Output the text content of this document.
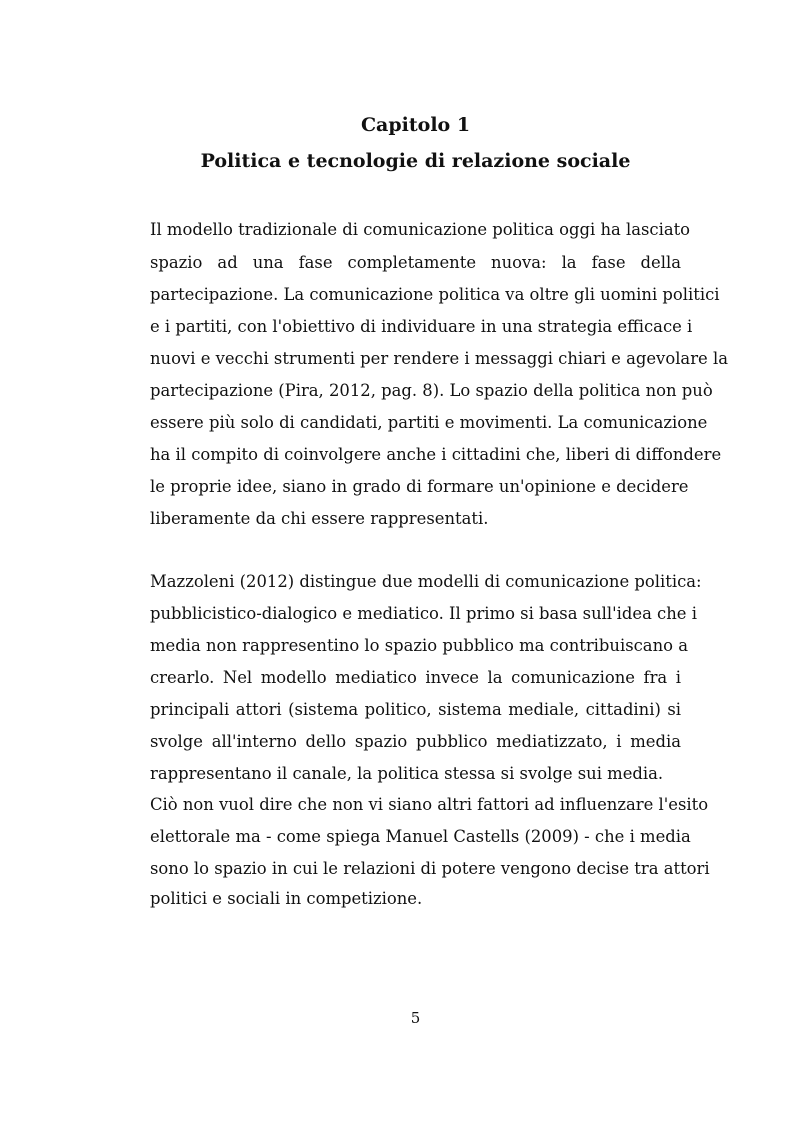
Capitolo 1
Politica e tecnologie di relazione sociale
Il modello tradizionale di comunicazione politica oggi ha lasciato
spazio ad una fase completamente nuova: la fase della
partecipazione. La comunicazione politica va oltre gli uomini politici
e i partiti, con l'obiettivo di individuare in una strategia efficace i
nuovi e vecchi strumenti per rendere i messaggi chiari e agevolare la
partecipazione (Pira, 2012, pag. 8). Lo spazio della politica non può
essere più solo di candidati, partiti e movimenti. La comunicazione
ha il compito di coinvolgere anche i cittadini che, liberi di diffondere
le proprie idee, siano in grado di formare un'opinione e decidere
liberamente da chi essere rappresentati.
Mazzoleni (2012) distingue due modelli di comunicazione politica:
pubblicistico-dialogico e mediatico. Il primo si basa sull'idea che i
media non rappresentino lo spazio pubblico ma contribuiscano a
crearlo. Nel modello mediatico invece la comunicazione fra i
principali attori (sistema politico, sistema mediale, cittadini) si
svolge all'interno dello spazio pubblico mediatizzato, i media
rappresentano il canale, la politica stessa si svolge sui media.
Ciò non vuol dire che non vi siano altri fattori ad influenzare l'esito
elettorale ma - come spiega Manuel Castells (2009) - che i media
sono lo spazio in cui le relazioni di potere vengono decise tra attori
politici e sociali in competizione.
5
